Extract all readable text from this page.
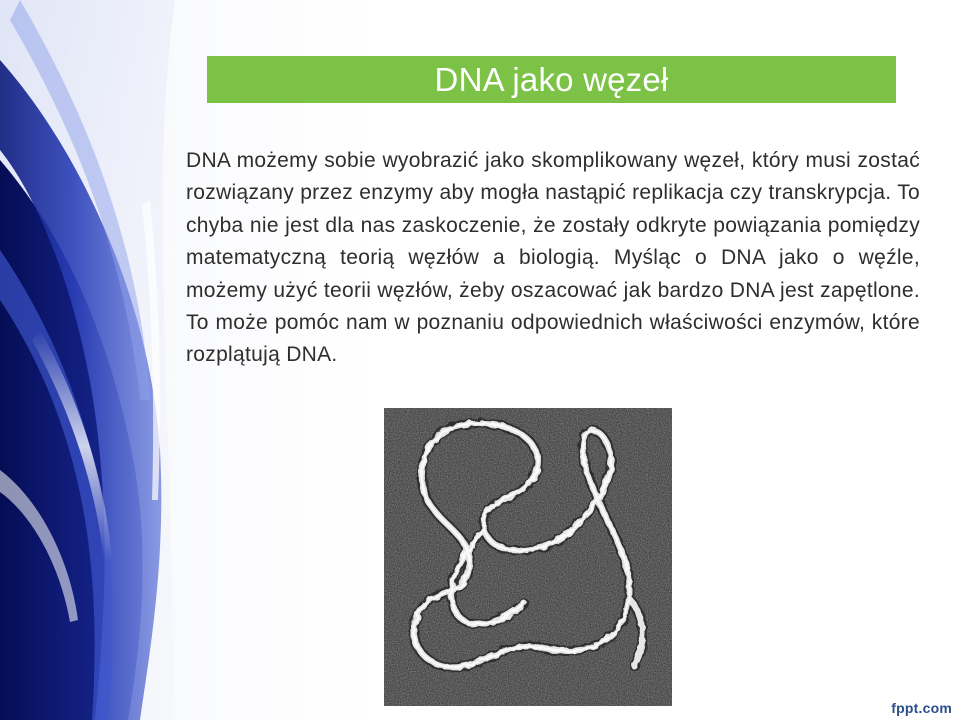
DNA jako węzeł

DNA możemy sobie wyobrazić jako skomplikowany węzeł, który musi zostać rozwiązany przez enzymy aby mogła nastąpić replikacja czy transkrypcja. To chyba nie jest dla nas zaskoczenie, że zostały odkryte powiązania pomiędzy matematyczną teorią węzłów a biologią. Myśląc o DNA jako o węźle, możemy użyć teorii węzłów, żeby oszacować jak bardzo DNA jest zapętlone. To może pomóc nam w poznaniu odpowiednich właściwości enzymów, które rozplątują DNA.

fppt.com
